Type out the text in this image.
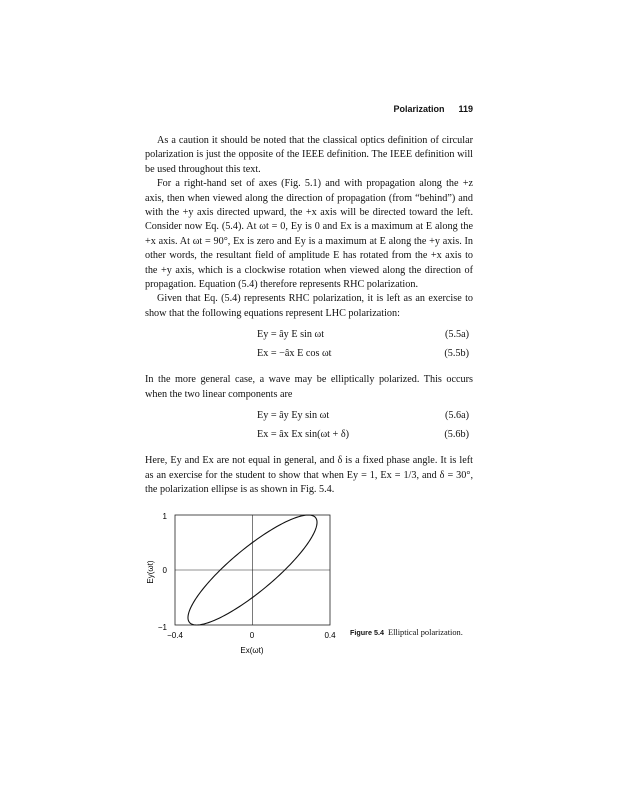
Polarization 119

As a caution it should be noted that the classical optics definition of circular polarization is just the opposite of the IEEE definition. The IEEE definition will be used throughout this text.

For a right-hand set of axes (Fig. 5.1) and with propagation along the +z axis, then when viewed along the direction of propagation (from “behind”) and with the +y axis directed upward, the +x axis will be directed toward the left. Consider now Eq. (5.4). At ωt = 0, Ey is 0 and Ex is a maximum at E along the +x axis. At ωt = 90°, Ex is zero and Ey is a maximum at E along the +y axis. In other words, the resultant field of amplitude E has rotated from the +x axis to the +y axis, which is a clockwise rotation when viewed along the direction of propagation. Equation (5.4) therefore represents RHC polarization.

Given that Eq. (5.4) represents RHC polarization, it is left as an exercise to show that the following equations represent LHC polarization:

Ey = ây E sin ωt	(5.5a)
Ex = −âx E cos ωt	(5.5b)

In the more general case, a wave may be elliptically polarized. This occurs when the two linear components are

Ey = ây Ey sin ωt	(5.6a)
Ex = âx Ex sin(ωt + δ)	(5.6b)

Here, Ey and Ex are not equal in general, and δ is a fixed phase angle. It is left as an exercise for the student to show that when Ey = 1, Ex = 1/3, and δ = 30°, the polarization ellipse is as shown in Fig. 5.4.

1
0
−1
−0.4	0	0.4
Ex(ωt)
Ey(ωt)
Figure 5.4 Elliptical polarization.
